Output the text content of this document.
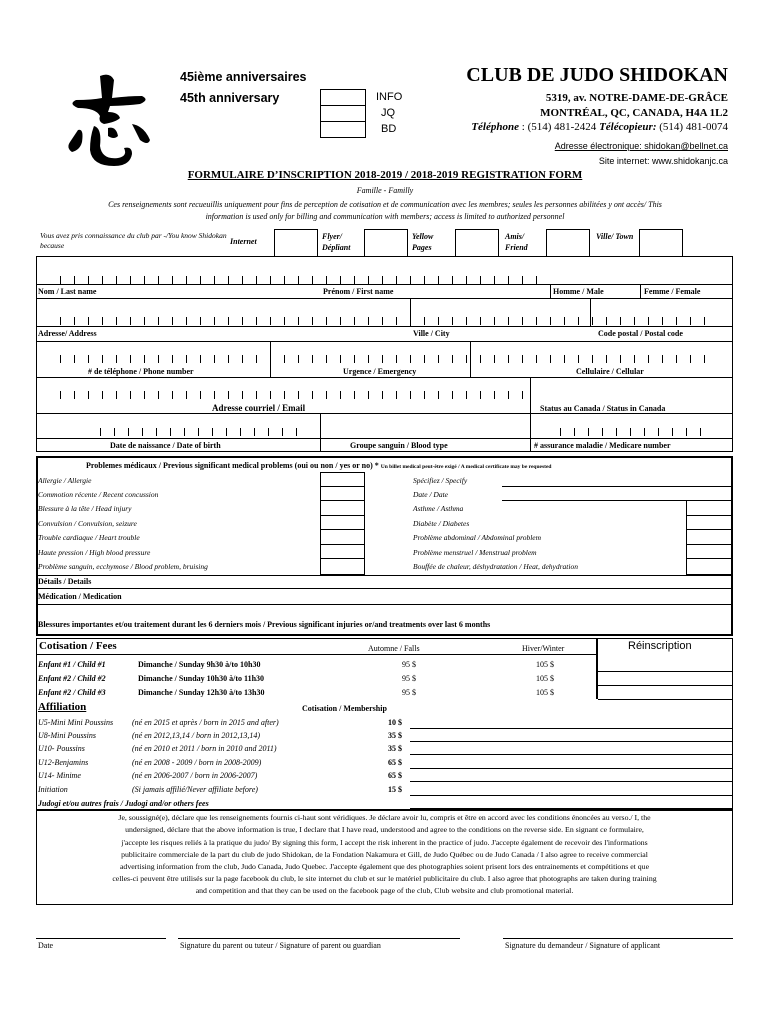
45ième anniversaires
45th anniversary	INFO
JQ
BD
CLUB DE JUDO SHIDOKAN
5319, av. NOTRE-DAME-DE-GRÂCE
MONTRÉAL, QC, CANADA, H4A 1L2
Téléphone : (514) 481-2424 Télécopieur: (514) 481-0074
Adresse électronique: shidokan@bellnet.ca
Site internet: www.shidokanjc.ca
FORMULAIRE D’INSCRIPTION 2018-2019 / 2018-2019 REGISTRATION FORM
Famille - Familly
Ces renseignements sont recueuillis uniquement pour fins de perception de cotisation et de communication avec les membres; seules les personnes abilitées y ont accès/ This
information is used only for billing and communication with members; access is limited to authorized personnel
Vous avez pris connaissance du club par -/You know Shidokan because	Internet
Flyer/ Dépliant
Yellow Pages
Amis/ Friend
Ville/ Town
Nom / Last name	Prénom / First name	Homme / Male	Femme / Female
Adresse/ Address	Ville / City	Code postal / Postal code
# de téléphone / Phone number	Urgence / Emergency	Cellulaire / Cellular
Adresse courriel / Email	Status au Canada / Status in Canada
Date de naissance / Date of birth	Groupe sanguin / Blood type	# assurance maladie / Medicare number
Problemes médicaux / Previous significant medical problems (oui ou non / yes or no) * Un billet medical peut-être exigé / A medical certificate may be requested
Allergie / Allergie
Commotion récente / Recent concussion
Blessure à la tête / Head injury
Convulsion / Convulsion, seizure
Trouble cardiaque / Heart trouble
Haute pression / High blood pressure
Problème sanguin, ecchymose / Blood problem, bruising
Spécifiez / Specify
Date / Date
Asthme / Asthma
Diabète / Diabetes
Problème abdominal / Abdominal problem
Problème menstruel / Menstrual problem
Bouffée de chaleur, déshydratation / Heat, dehydration
Détails / Details
Médication / Medication
Blessures importantes et/ou traitement durant les 6 derniers mois / Previous significant injuries or/and treatments over last 6 months
Cotisation / Fees	Automne / Falls	Hiver/Winter	Réinscription
Enfant #1 / Child #1	Dimanche / Sunday 9h30 à/to 10h30	95 $	105 $
Enfant #2 / Child #2	Dimanche / Sunday 10h30 à/to 11h30	95 $	105 $
Enfant #2 / Child #3	Dimanche / Sunday 12h30 à/to 13h30	95 $	105 $
Affiliation	Cotisation / Membership
U5-Mini Mini Poussins (né en 2015 et après / born in 2015 and after)	10 $
U8-Mini Poussins	(né en 2012,13,14 / born in 2012,13,14)	35 $
U10- Poussins	(né en 2010 et 2011 / born in 2010 and 2011)	35 $
U12-Benjamins	(né en 2008 - 2009 / born in 2008-2009)	65 $
U14- Minime	(né en 2006-2007 / born in 2006-2007)	65 $
Initiation	(Si jamais affilié/Never affiliate before)	15 $
Judogi et/ou autres frais / Judogi and/or others fees
Je, soussigné(e), déclare que les renseignements fournis ci-haut sont véridiques. Je déclare avoir lu, compris et être en accord avec les conditions énoncées au verso./ I, the
undersigned, déclare that the above information is true, I declare that I have read, understood and agree to the conditions on the reverse side. En signant ce formulaire,
j'accepte les risques reliés à la pratique du judo/ By signing this form, I accept the risk inherent in the practice of judo. J'accepte également de recevoir des l'informations
publicitaire commerciale de la part du club de judo Shidokan, de la Fondation Nakamura et Gill, de Judo Québec ou de Judo Canada / I also agree to receive commercial
advertising information from the club, Judo Canada, Judo Quebec. J'accepte également que des photographies soient prisent lors des entrainements et compétitions et que
celles-ci peuvent être utilisés sur la page facebook du club, le site internet du club et sur le matériel publicitaire du club. I also agree that photographs are taken during training
and competition and that they can be used on the facebook page of the club, Club website and club promotional material.
Date	Signature du parent ou tuteur / Signature of parent ou guardian	Signature du demandeur / Signature of applicant
